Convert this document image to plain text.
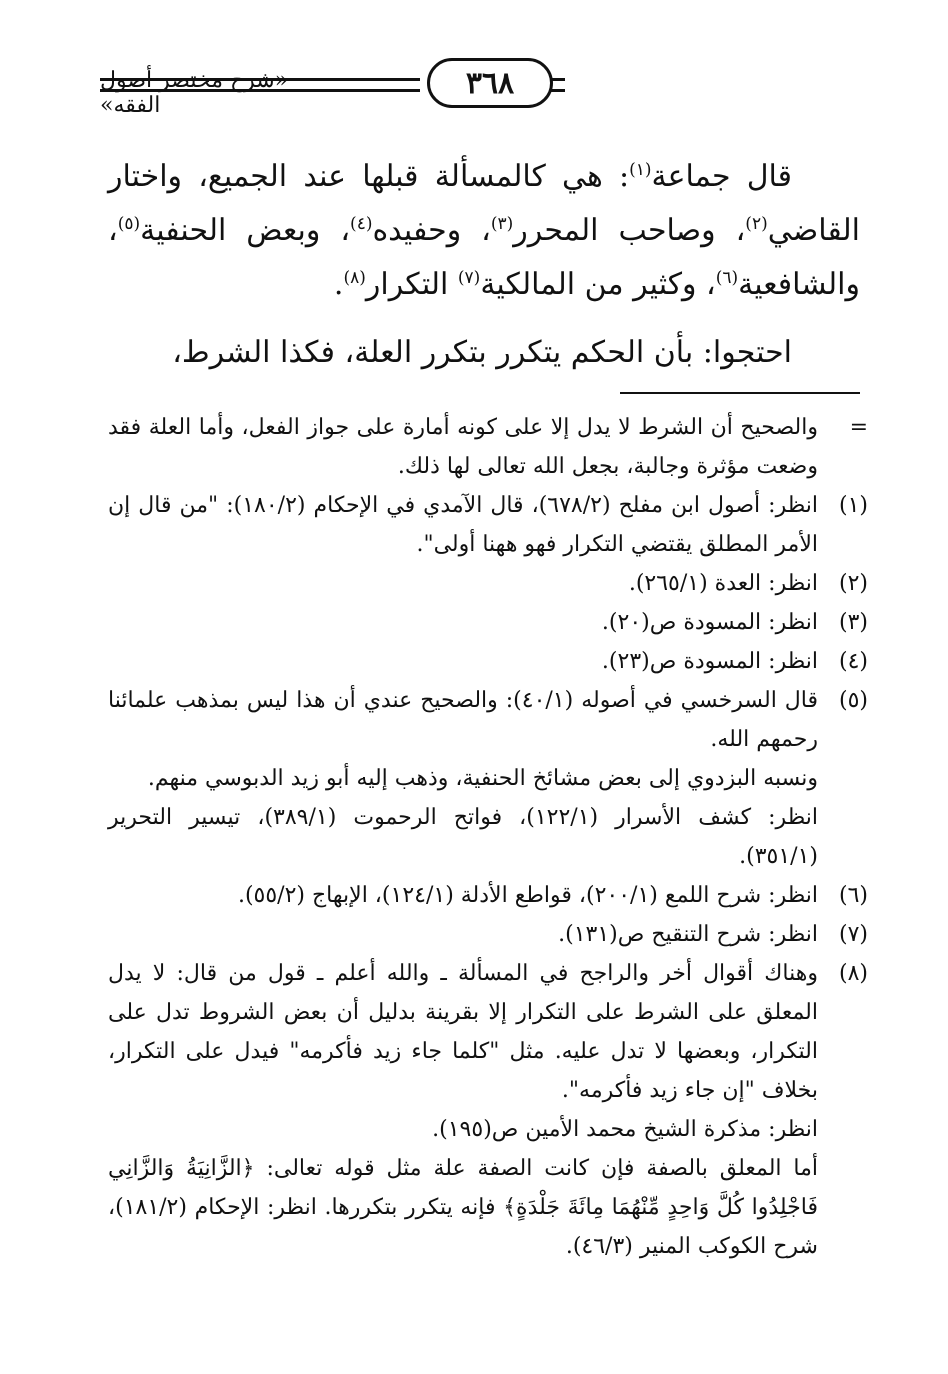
٣٦٨
«شرح مختصر أصول الفقه»

قال جماعة$^{(١)}$: هي كالمسألة قبلها عند الجميع، واختار القاضي$^{(٢)}$، وصاحب المحرر$^{(٣)}$، وحفيده$^{(٤)}$، وبعض الحنفية$^{(٥)}$، والشافعية$^{(٦)}$، وكثير من المالكية$^{(٧)}$ التكرار$^{(٨)}$.

احتجوا: بأن الحكم يتكرر بتكرر العلة، فكذا الشرط،

=

والصحيح أن الشرط لا يدل إلا على كونه أمارة على جواز الفعل، وأما العلة فقد وضعت مؤثرة وجالبة، بجعل الله تعالى لها ذلك.

(١)

انظر: أصول ابن مفلح (٦٧٨/٢)، قال الآمدي في الإحكام (١٨٠/٢): "من قال إن الأمر المطلق يقتضي التكرار فهو ههنا أولى".

(٢)

انظر: العدة (٢٦٥/١).

(٣)

انظر: المسودة ص(٢٠).

(٤)

انظر: المسودة ص(٢٣).

(٥)

قال السرخسي في أصوله (٤٠/١): والصحيح عندي أن هذا ليس بمذهب علمائنا رحمهم الله.

ونسبه البزدوي إلى بعض مشائخ الحنفية، وذهب إليه أبو زيد الدبوسي منهم.

انظر: كشف الأسرار (١٢٢/١)، فواتح الرحموت (٣٨٩/١)، تيسير التحرير (٣٥١/١).

(٦)

انظر: شرح اللمع (٢٠٠/١)، قواطع الأدلة (١٢٤/١)، الإبهاج (٥٥/٢).

(٧)

انظر: شرح التنقيح ص(١٣١).

(٨)

وهناك أقوال أخر والراجح في المسألة ـ والله أعلم ـ قول من قال: لا يدل المعلق على الشرط على التكرار إلا بقرينة بدليل أن بعض الشروط تدل على التكرار، وبعضها لا تدل عليه. مثل "كلما جاء زيد فأكرمه" فيدل على التكرار، بخلاف "إن جاء زيد فأكرمه".

انظر: مذكرة الشيخ محمد الأمين ص(١٩٥).

أما المعلق بالصفة فإن كانت الصفة علة مثل قوله تعالى: ﴿الزَّانِيَةُ وَالزَّانِي فَاجْلِدُوا كُلَّ وَاحِدٍ مِّنْهُمَا مِائَةَ جَلْدَةٍ﴾ فإنه يتكرر بتكررها. انظر: الإحكام (١٨١/٢)، شرح الكوكب المنير (٤٦/٣).
